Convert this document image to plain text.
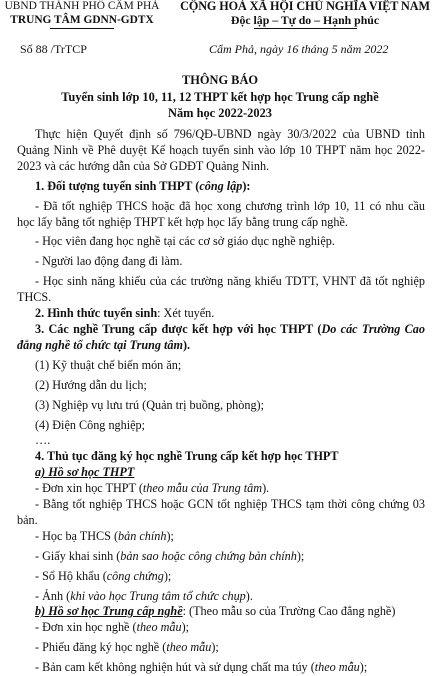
UBND THÀNH PHỐ CẨM PHẢ
TRUNG TÂM GDNN-GDTX
CỘNG HOÀ XÃ HỘI CHỦ NGHĨA VIỆT NAM
Độc lập – Tự do – Hạnh phúc
Số 88 /TrTCP	Cẩm Phả, ngày 16 tháng 5 năm 2022
THÔNG BÁO
Tuyển sinh lớp 10, 11, 12 THPT kết hợp học Trung cấp nghề
Năm học 2022-2023

Thực hiện Quyết định số 796/QĐ-UBND ngày 30/3/2022 của UBND tỉnh Quảng Ninh về Phê duyệt Kế hoạch tuyển sinh vào lớp 10 THPT năm học 2022-2023 và các hướng dẫn của Sở GDĐT Quảng Ninh.

1. Đối tượng tuyển sinh THPT (công lập):

- Đã tốt nghiệp THCS hoặc đã học xong chương trình lớp 10, 11 có nhu cầu học lấy bằng tốt nghiệp THPT kết hợp học lấy bằng trung cấp nghề.

- Học viên đang học nghề tại các cơ sở giáo dục nghề nghiệp.

- Người lao động đang đi làm.

- Học sinh năng khiếu của các trường năng khiếu TDTT, VHNT đã tốt nghiệp THCS.

2. Hình thức tuyển sinh: Xét tuyển.

3. Các nghề Trung cấp được kết hợp với học THPT (Do các Trường Cao đẳng nghề tổ chức tại Trung tâm).

(1) Kỹ thuật chế biến món ăn;

(2) Hướng dẫn du lịch;

(3) Nghiệp vụ lưu trú (Quản trị buồng, phòng);

(4) Điện Công nghiệp;

….

4. Thủ tục đăng ký học nghề Trung cấp kết hợp học THPT

a) Hồ sơ học THPT

- Đơn xin học THPT (theo mẫu của Trung tâm).

- Bằng tốt nghiệp THCS hoặc GCN tốt nghiệp THCS tạm thời công chứng 03 bản.

- Học bạ THCS (bản chính);

- Giấy khai sinh (bản sao hoặc công chứng bản chính);

- Sổ Hộ khẩu (công chứng);

- Ảnh (khi vào học Trung tâm tổ chức chụp).

b) Hồ sơ học Trung cấp nghề: (Theo mẫu so của Trường Cao đẳng nghề)

- Đơn xin học nghề (theo mẫu);

- Phiếu đăng ký học nghề (theo mẫu);

- Bản cam kết không nghiện hút và sử dụng chất ma túy (theo mẫu);
